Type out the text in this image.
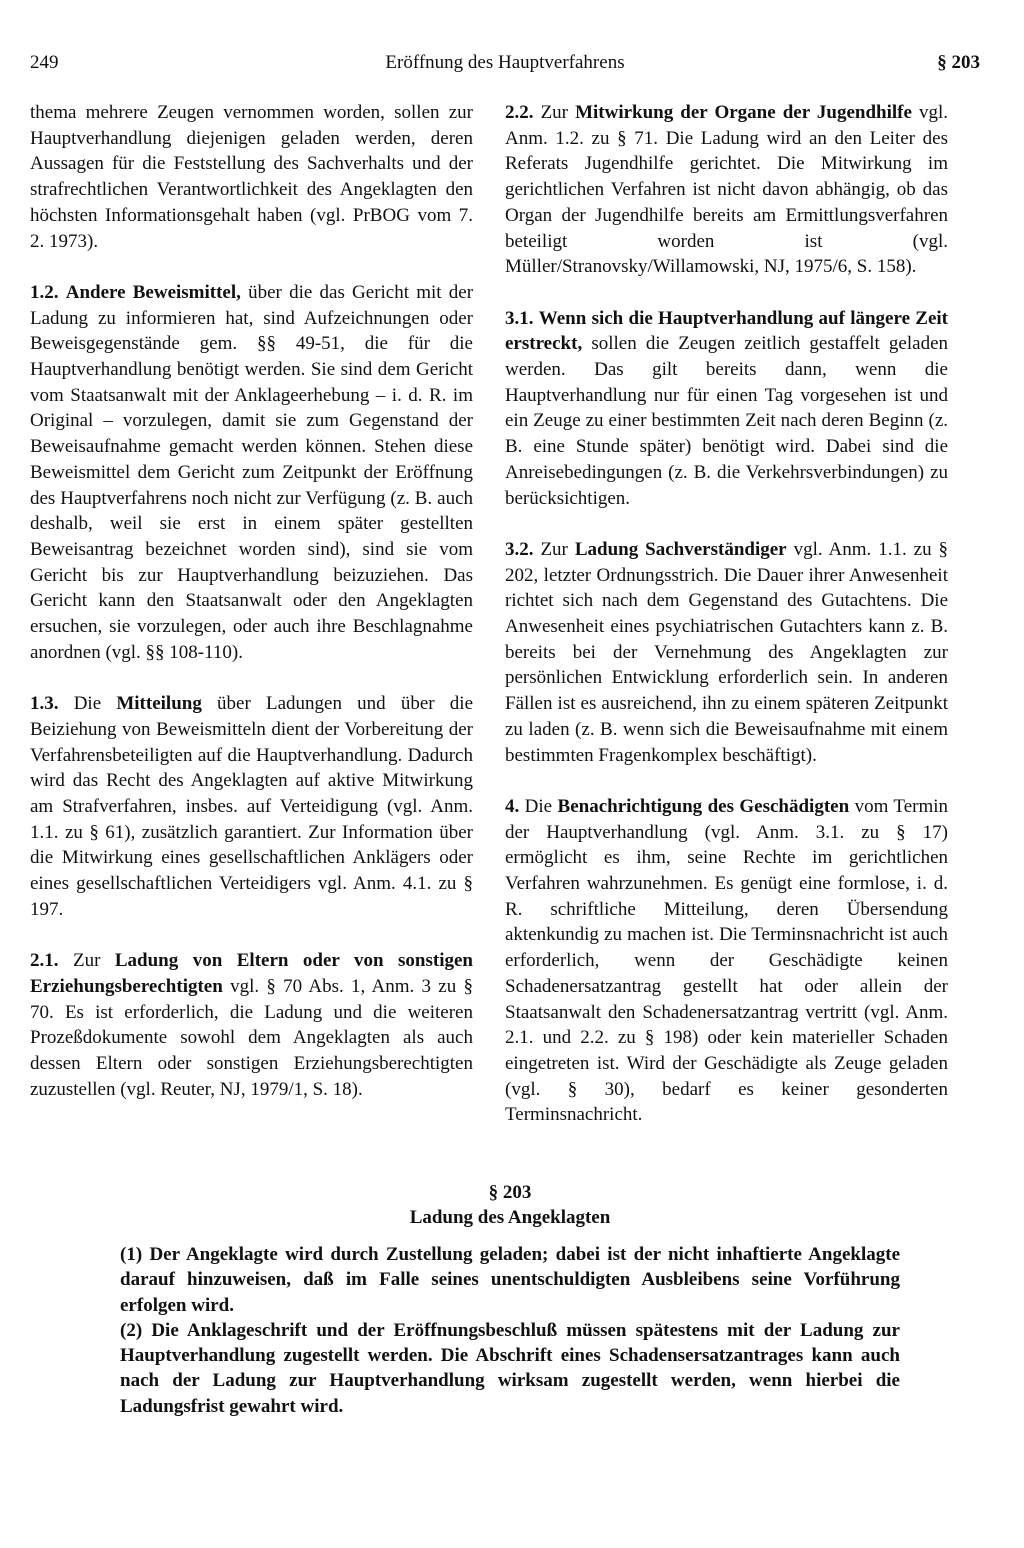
249	Eröffnung des Hauptverfahrens	§ 203

thema mehrere Zeugen vernommen worden, sollen zur Hauptverhandlung diejenigen geladen werden, deren Aussagen für die Feststellung des Sachverhalts und der strafrechtlichen Verantwortlichkeit des Angeklagten den höchsten Informationsgehalt haben (vgl. PrBOG vom 7. 2. 1973).

1.2. Andere Beweismittel, über die das Gericht mit der Ladung zu informieren hat, sind Aufzeichnungen oder Beweisgegenstände gem. §§ 49-51, die für die Hauptverhandlung benötigt werden. Sie sind dem Gericht vom Staatsanwalt mit der Anklageerhebung – i. d. R. im Original – vorzulegen, damit sie zum Gegenstand der Beweisaufnahme gemacht werden können. Stehen diese Beweismittel dem Gericht zum Zeitpunkt der Eröffnung des Hauptverfahrens noch nicht zur Verfügung (z. B. auch deshalb, weil sie erst in einem später gestellten Beweisantrag bezeichnet worden sind), sind sie vom Gericht bis zur Hauptverhandlung beizuziehen. Das Gericht kann den Staatsanwalt oder den Angeklagten ersuchen, sie vorzulegen, oder auch ihre Beschlagnahme anordnen (vgl. §§ 108-110).

1.3. Die Mitteilung über Ladungen und über die Beiziehung von Beweismitteln dient der Vorbereitung der Verfahrensbeteiligten auf die Hauptverhandlung. Dadurch wird das Recht des Angeklagten auf aktive Mitwirkung am Strafverfahren, insbes. auf Verteidigung (vgl. Anm. 1.1. zu § 61), zusätzlich garantiert. Zur Information über die Mitwirkung eines gesellschaftlichen Anklägers oder eines gesellschaftlichen Verteidigers vgl. Anm. 4.1. zu § 197.

2.1. Zur Ladung von Eltern oder von sonstigen Erziehungsberechtigten vgl. § 70 Abs. 1, Anm. 3 zu § 70. Es ist erforderlich, die Ladung und die weiteren Prozeßdokumente sowohl dem Angeklagten als auch dessen Eltern oder sonstigen Erziehungsberechtigten zuzustellen (vgl. Reuter, NJ, 1979/1, S. 18).

2.2. Zur Mitwirkung der Organe der Jugendhilfe vgl. Anm. 1.2. zu § 71. Die Ladung wird an den Leiter des Referats Jugendhilfe gerichtet. Die Mitwirkung im gerichtlichen Verfahren ist nicht davon abhängig, ob das Organ der Jugendhilfe bereits am Ermittlungsverfahren beteiligt worden ist (vgl. Müller/Stranovsky/Willamowski, NJ, 1975/6, S. 158).

3.1. Wenn sich die Hauptverhandlung auf längere Zeit erstreckt, sollen die Zeugen zeitlich gestaffelt geladen werden. Das gilt bereits dann, wenn die Hauptverhandlung nur für einen Tag vorgesehen ist und ein Zeuge zu einer bestimmten Zeit nach deren Beginn (z. B. eine Stunde später) benötigt wird. Dabei sind die Anreisebedingungen (z. B. die Verkehrsverbindungen) zu berücksichtigen.

3.2. Zur Ladung Sachverständiger vgl. Anm. 1.1. zu § 202, letzter Ordnungsstrich. Die Dauer ihrer Anwesenheit richtet sich nach dem Gegenstand des Gutachtens. Die Anwesenheit eines psychiatrischen Gutachters kann z. B. bereits bei der Vernehmung des Angeklagten zur persönlichen Entwicklung erforderlich sein. In anderen Fällen ist es ausreichend, ihn zu einem späteren Zeitpunkt zu laden (z. B. wenn sich die Beweisaufnahme mit einem bestimmten Fragenkomplex beschäftigt).

4. Die Benachrichtigung des Geschädigten vom Termin der Hauptverhandlung (vgl. Anm. 3.1. zu § 17) ermöglicht es ihm, seine Rechte im gerichtlichen Verfahren wahrzunehmen. Es genügt eine formlose, i. d. R. schriftliche Mitteilung, deren Übersendung aktenkundig zu machen ist. Die Terminsnachricht ist auch erforderlich, wenn der Geschädigte keinen Schadenersatzantrag gestellt hat oder allein der Staatsanwalt den Schadenersatzantrag vertritt (vgl. Anm. 2.1. und 2.2. zu § 198) oder kein materieller Schaden eingetreten ist. Wird der Geschädigte als Zeuge geladen (vgl. § 30), bedarf es keiner gesonderten Terminsnachricht.

§ 203
Ladung des Angeklagten

(1) Der Angeklagte wird durch Zustellung geladen; dabei ist der nicht inhaftierte Angeklagte darauf hinzuweisen, daß im Falle seines unentschuldigten Ausbleibens seine Vorführung erfolgen wird.

(2) Die Anklageschrift und der Eröffnungsbeschluß müssen spätestens mit der Ladung zur Hauptverhandlung zugestellt werden. Die Abschrift eines Schadensersatzantrages kann auch nach der Ladung zur Hauptverhandlung wirksam zugestellt werden, wenn hierbei die Ladungsfrist gewahrt wird.
